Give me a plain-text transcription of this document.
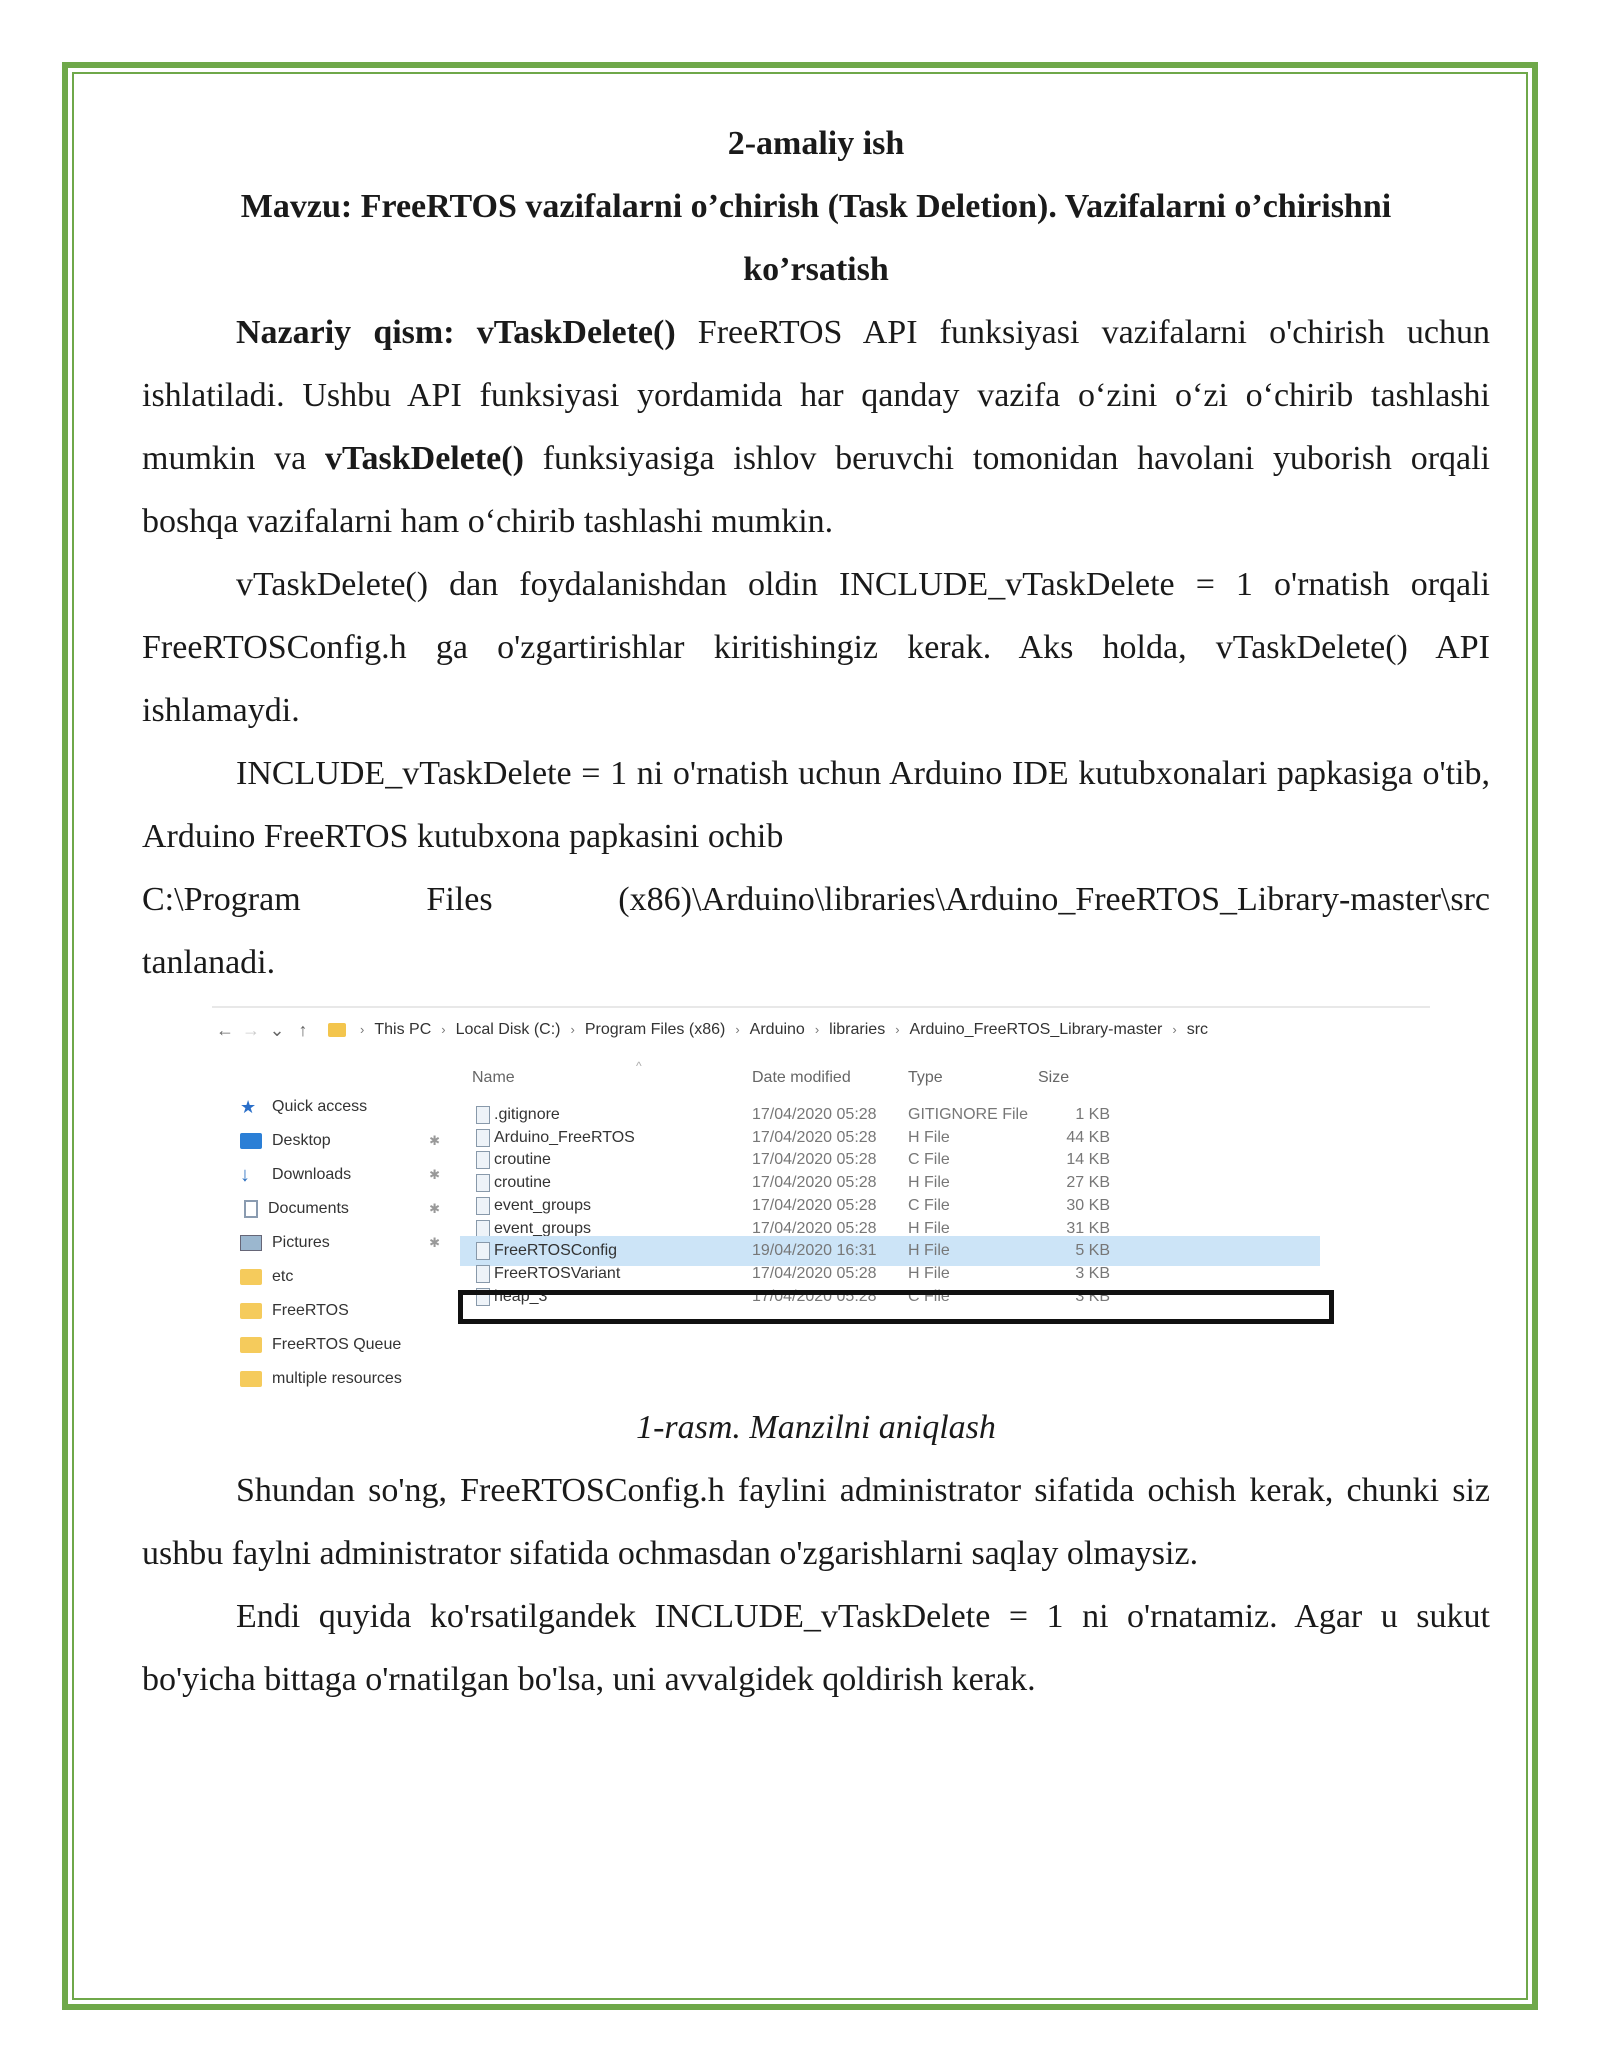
2-amaliy ish
Mavzu: FreeRTOS vazifalarni o’chirish (Task Deletion). Vazifalarni o’chirishni
ko’rsatish

Nazariy qism: vTaskDelete() FreeRTOS API funksiyasi vazifalarni o'chirish uchun ishlatiladi. Ushbu API funksiyasi yordamida har qanday vazifa o‘zini o‘zi o‘chirib tashlashi mumkin va vTaskDelete() funksiyasiga ishlov beruvchi tomonidan havolani yuborish orqali boshqa vazifalarni ham o‘chirib tashlashi mumkin.

vTaskDelete() dan foydalanishdan oldin INCLUDE_vTaskDelete = 1 o'rnatish orqali FreeRTOSConfig.h ga o'zgartirishlar kiritishingiz kerak. Aks holda, vTaskDelete() API ishlamaydi.

INCLUDE_vTaskDelete = 1 ni o'rnatish uchun Arduino IDE kutubxonalari papkasiga o'tib, Arduino FreeRTOS kutubxona papkasini ochib

C:\Program	Files	(x86)\Arduino\libraries\Arduino_FreeRTOS_Library-master\src

tanlanadi.

← → ⌄ ↑	› This PC › Local Disk (C:) › Program Files (x86) › Arduino › libraries › Arduino_FreeRTOS_Library-master › src
★ Quick access
Desktop	✱
↓	Downloads	✱
Documents	✱
Pictures	✱
etc
FreeRTOS
FreeRTOS Queue
multiple resources
^
Name	Date modified	Type	Size
.gitignore	17/04/2020 05:28 GITIGNORE File	1 KB
Arduino_FreeRTOS	17/04/2020 05:28 H File	44 KB
croutine	17/04/2020 05:28 C File	14 KB
croutine	17/04/2020 05:28 H File	27 KB
event_groups	17/04/2020 05:28 C File	30 KB
event_groups	17/04/2020 05:28 H File	31 KB
FreeRTOSConfig	19/04/2020 16:31 H File	5 KB
FreeRTOSVariant	17/04/2020 05:28 H File	3 KB
heap_3	17/04/2020 05:28 C File	3 KB
1-rasm. Manzilni aniqlash

Shundan so'ng, FreeRTOSConfig.h faylini administrator sifatida ochish kerak, chunki siz ushbu faylni administrator sifatida ochmasdan o'zgarishlarni saqlay olmaysiz.

Endi quyida ko'rsatilgandek INCLUDE_vTaskDelete = 1 ni o'rnatamiz. Agar u sukut bo'yicha bittaga o'rnatilgan bo'lsa, uni avvalgidek qoldirish kerak.
